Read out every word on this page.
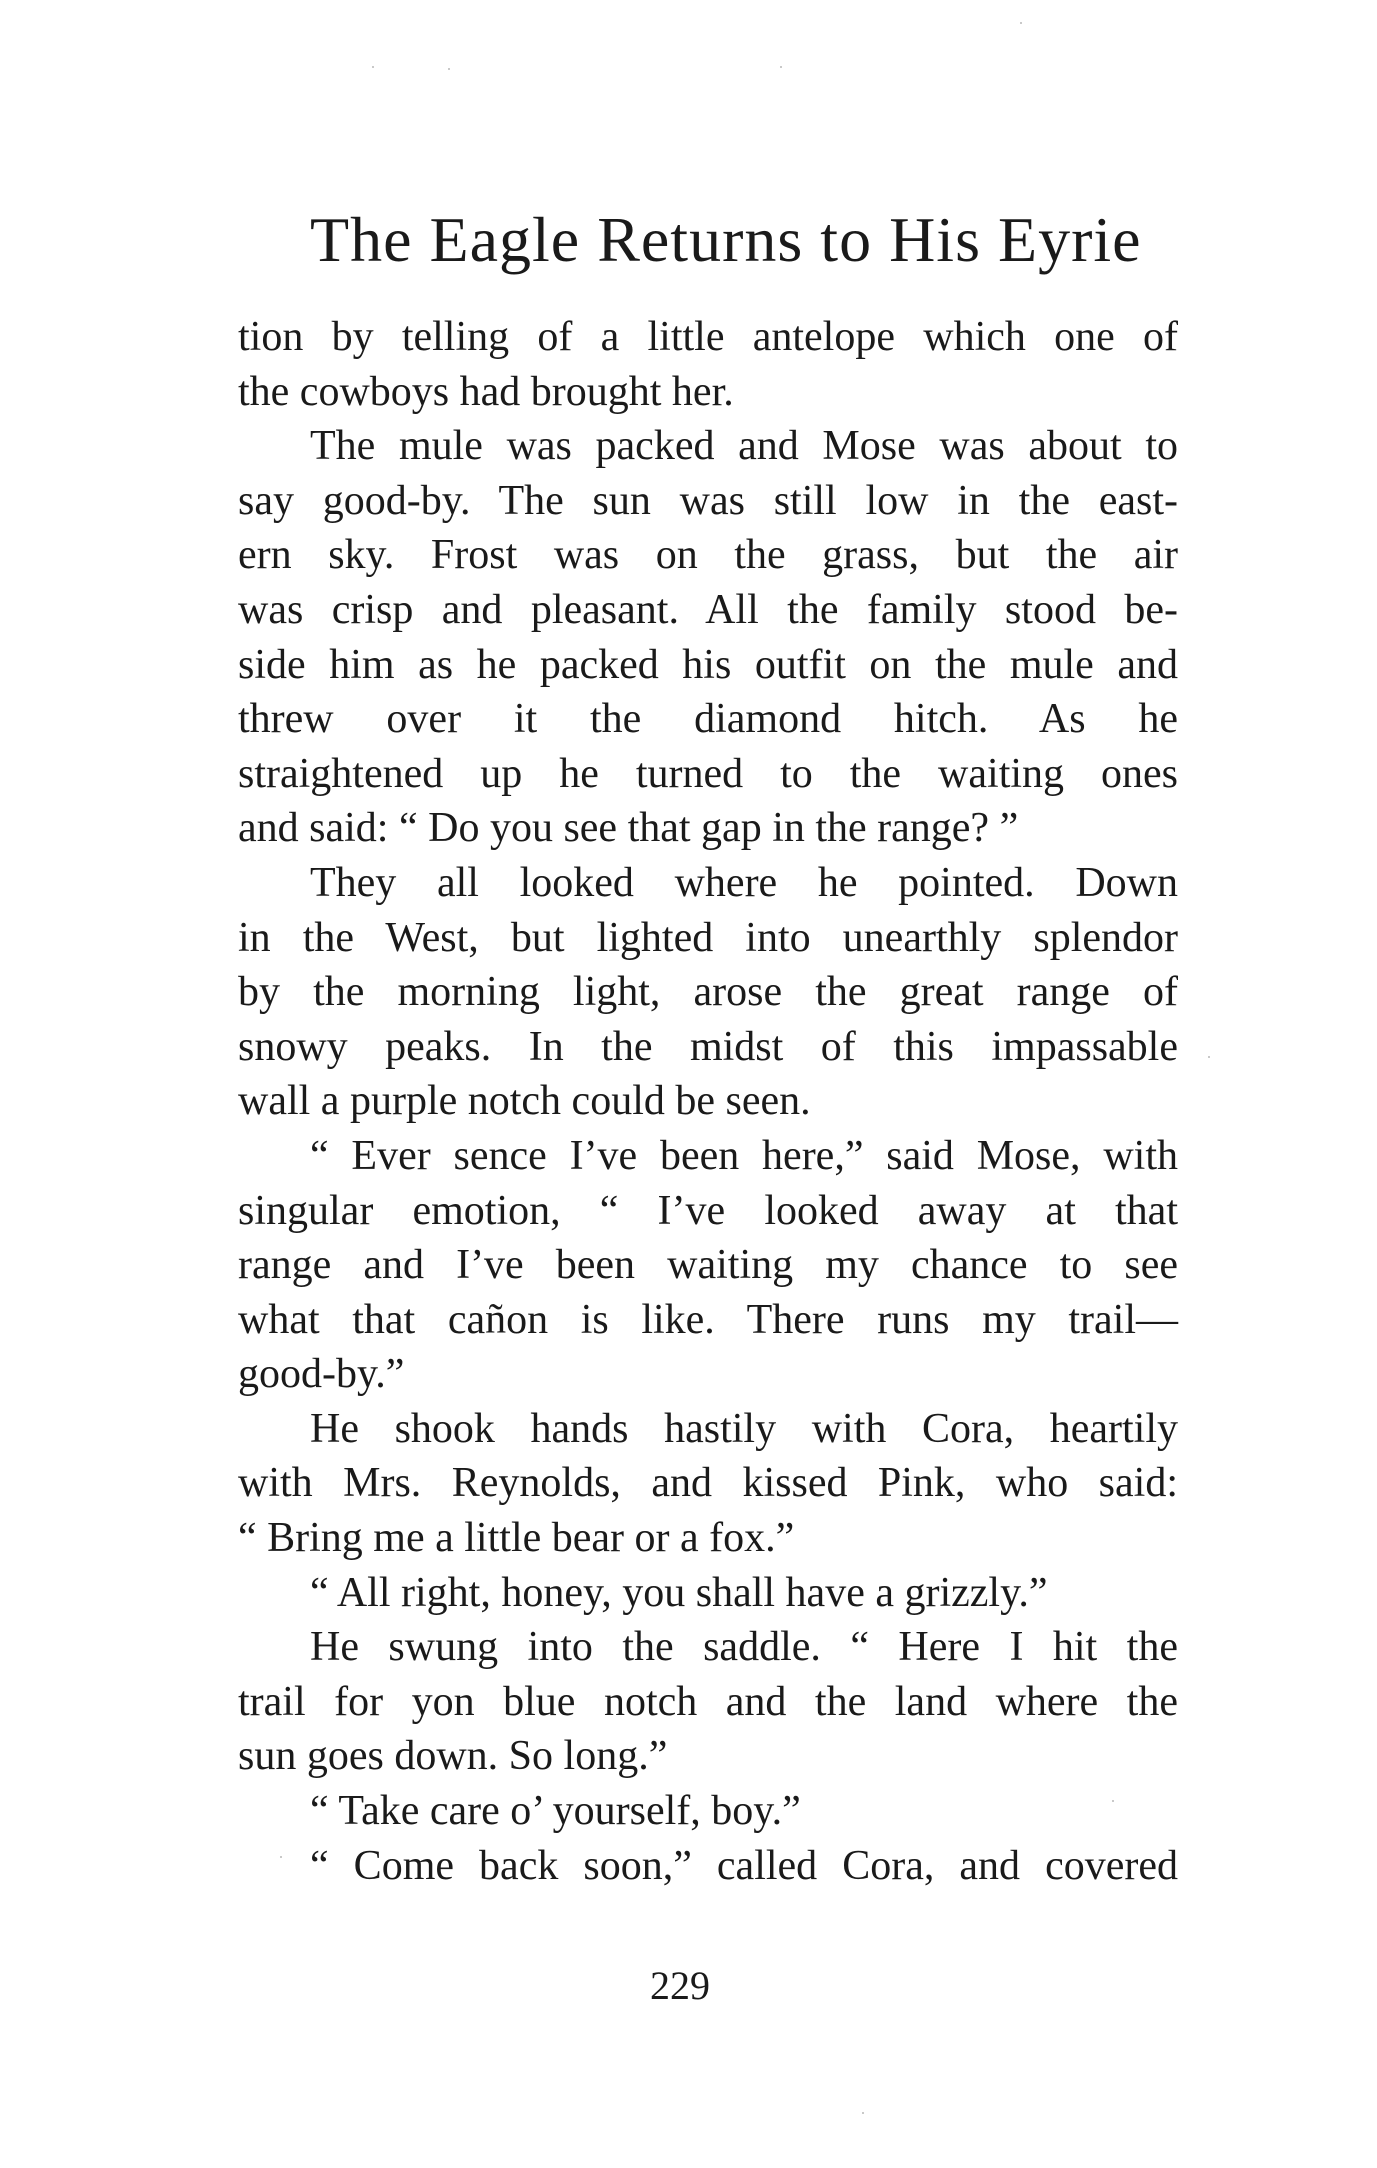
The Eagle Returns to His Eyrie
tion by telling of a little antelope which one of
the cowboys had brought her.
The mule was packed and Mose was about to
say good-by. The sun was still low in the east-
ern sky. Frost was on the grass, but the air
was crisp and pleasant. All the family stood be-
side him as he packed his outfit on the mule and
threw over it the diamond hitch. As he
straightened up he turned to the waiting ones
and said: “ Do you see that gap in the range? ”
They all looked where he pointed. Down
in the West, but lighted into unearthly splendor
by the morning light, arose the great range of
snowy peaks. In the midst of this impassable
wall a purple notch could be seen.
“ Ever sence I’ve been here,” said Mose, with
singular emotion, “ I’ve looked away at that
range and I’ve been waiting my chance to see
what that cañon is like. There runs my trail—
good-by.”
He shook hands hastily with Cora, heartily
with Mrs. Reynolds, and kissed Pink, who said:
“ Bring me a little bear or a fox.”
“ All right, honey, you shall have a grizzly.”
He swung into the saddle. “ Here I hit the
trail for yon blue notch and the land where the
sun goes down. So long.”
“ Take care o’ yourself, boy.”
“ Come back soon,” called Cora, and covered
229
